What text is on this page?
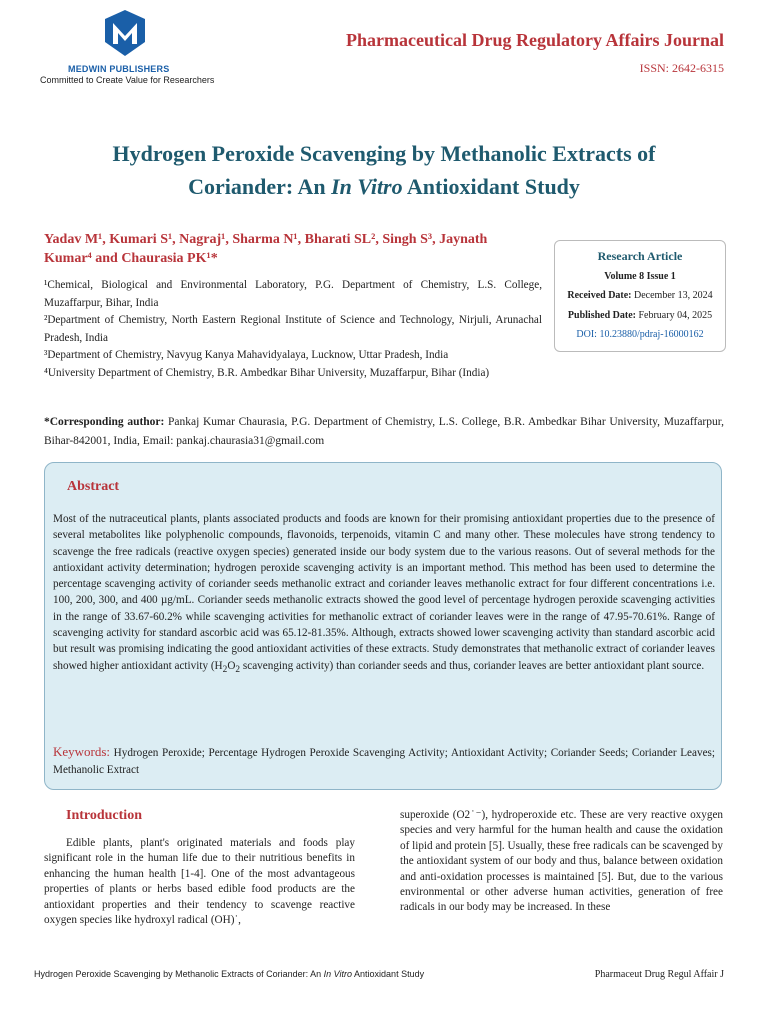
MEDWIN PUBLISHERS
Committed to Create Value for Researchers
Pharmaceutical Drug Regulatory Affairs Journal
ISSN: 2642-6315
Hydrogen Peroxide Scavenging by Methanolic Extracts of
Coriander: An In Vitro Antioxidant Study
Yadav M¹, Kumari S¹, Nagraj¹, Sharma N¹, Bharati SL², Singh S³, Jaynath
Kumar⁴ and Chaurasia PK¹*

¹Chemical, Biological and Environmental Laboratory, P.G. Department of Chemistry, L.S. College, Muzaffarpur, Bihar, India

²Department of Chemistry, North Eastern Regional Institute of Science and Technology, Nirjuli, Arunachal Pradesh, India

³Department of Chemistry, Navyug Kanya Mahavidyalaya, Lucknow, Uttar Pradesh, India

⁴University Department of Chemistry, B.R. Ambedkar Bihar University, Muzaffarpur, Bihar (India)

Research Article
Volume 8 Issue 1
Received Date: December 13, 2024
Published Date: February 04, 2025
DOI: 10.23880/pdraj-16000162
*Corresponding author: Pankaj Kumar Chaurasia, P.G. Department of Chemistry, L.S. College, B.R. Ambedkar Bihar University, Muzaffarpur, Bihar-842001, India, Email: pankaj.chaurasia31@gmail.com
Abstract
Most of the nutraceutical plants, plants associated products and foods are known for their promising antioxidant properties due to the presence of several metabolites like polyphenolic compounds, flavonoids, terpenoids, vitamin C and many other. These molecules have strong tendency to scavenge the free radicals (reactive oxygen species) generated inside our body system due to the various reasons. Out of several methods for the antioxidant activity determination; hydrogen peroxide scavenging activity is an important method. This method has been used to determine the percentage scavenging activity of coriander seeds methanolic extract and coriander leaves methanolic extract for four different concentrations i.e. 100, 200, 300, and 400 µg/mL. Coriander seeds methanolic extracts showed the good level of percentage hydrogen peroxide scavenging activities in the range of 33.67-60.2% while scavenging activities for methanolic extract of coriander leaves were in the range of 47.95-70.61%. Range of scavenging activity for standard ascorbic acid was 65.12-81.35%. Although, extracts showed lower scavenging activity than standard ascorbic acid but result was promising indicating the good antioxidant activities of these extracts. Study demonstrates that methanolic extract of coriander leaves showed higher antioxidant activity ($H_2O_2$ scavenging activity) than coriander seeds and thus, coriander leaves are better antioxidant plant source.
Keywords: Hydrogen Peroxide; Percentage Hydrogen Peroxide Scavenging Activity; Antioxidant Activity; Coriander Seeds; Coriander Leaves; Methanolic Extract
Introduction

Edible plants, plant's originated materials and foods play significant role in the human life due to their nutritious benefits in enhancing the human health [1-4]. One of the most advantageous properties of plants or herbs based edible food products are the antioxidant properties and their tendency to scavenge reactive oxygen species like hydroxyl radical (OH)˙,

superoxide (O2˙⁻), hydroperoxide etc. These are very reactive oxygen species and very harmful for the human health and cause the oxidation of lipid and protein [5]. Usually, these free radicals can be scavenged by the antioxidant system of our body and thus, balance between oxidation and anti-oxidation processes is maintained [5]. But, due to the various environmental or other adverse human activities, generation of free radicals in our body may be increased. In these

Hydrogen Peroxide Scavenging by Methanolic Extracts of Coriander: An In Vitro Antioxidant Study	Pharmaceut Drug Regul Affair J
